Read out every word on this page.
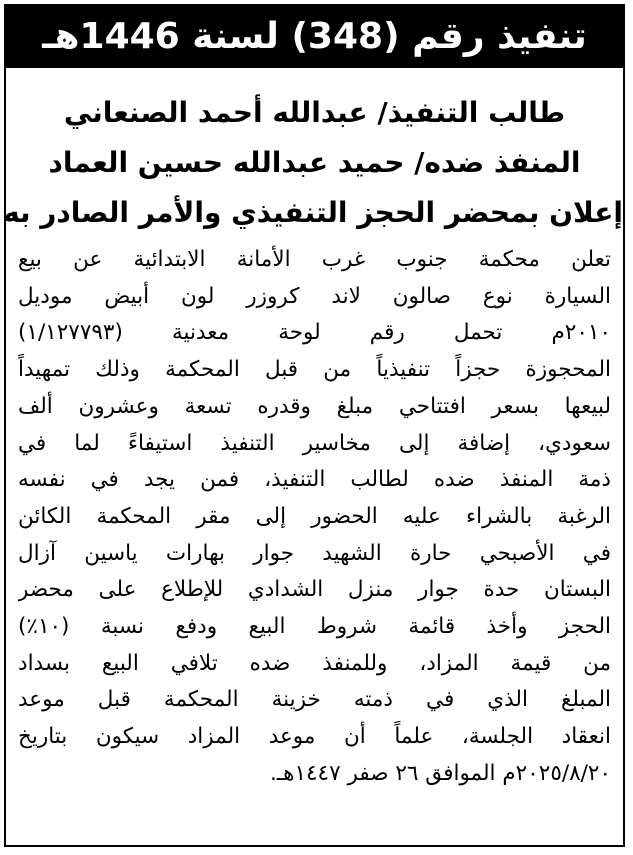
تنفيذ رقم (348) لسنة 1446هـ
طالب التنفيذ/ عبدالله أحمد الصنعاني
المنفذ ضده/ حميد عبدالله حسين العماد
إعلان بمحضر الحجز التنفيذي والأمر الصادر به
تعلن محكمة جنوب غرب الأمانة الابتدائية عن بيع
السيارة نوع صالون لاند كروزر لون أبيض موديل
٢٠١٠م تحمل رقم لوحة معدنية (١/١٢٧٧٩٣)
المحجوزة حجزاً تنفيذياً من قبل المحكمة وذلك تمهيداً
لبيعها بسعر افتتاحي مبلغ وقدره تسعة وعشرون ألف
سعودي، إضافة إلى مخاسير التنفيذ استيفاءً لما في
ذمة المنفذ ضده لطالب التنفيذ، فمن يجد في نفسه
الرغبة بالشراء عليه الحضور إلى مقر المحكمة الكائن
في الأصبحي حارة الشهيد جوار بهارات ياسين آزال
البستان حدة جوار منزل الشدادي للإطلاع على محضر
الحجز وأخذ قائمة شروط البيع ودفع نسبة (١٠٪)
من قيمة المزاد، وللمنفذ ضده تلافي البيع بسداد
المبلغ الذي في ذمته خزينة المحكمة قبل موعد
انعقاد الجلسة، علماً أن موعد المزاد سيكون بتاريخ
٢٠٢٥/٨/٢٠م الموافق ٢٦ صفر ١٤٤٧هـ.
